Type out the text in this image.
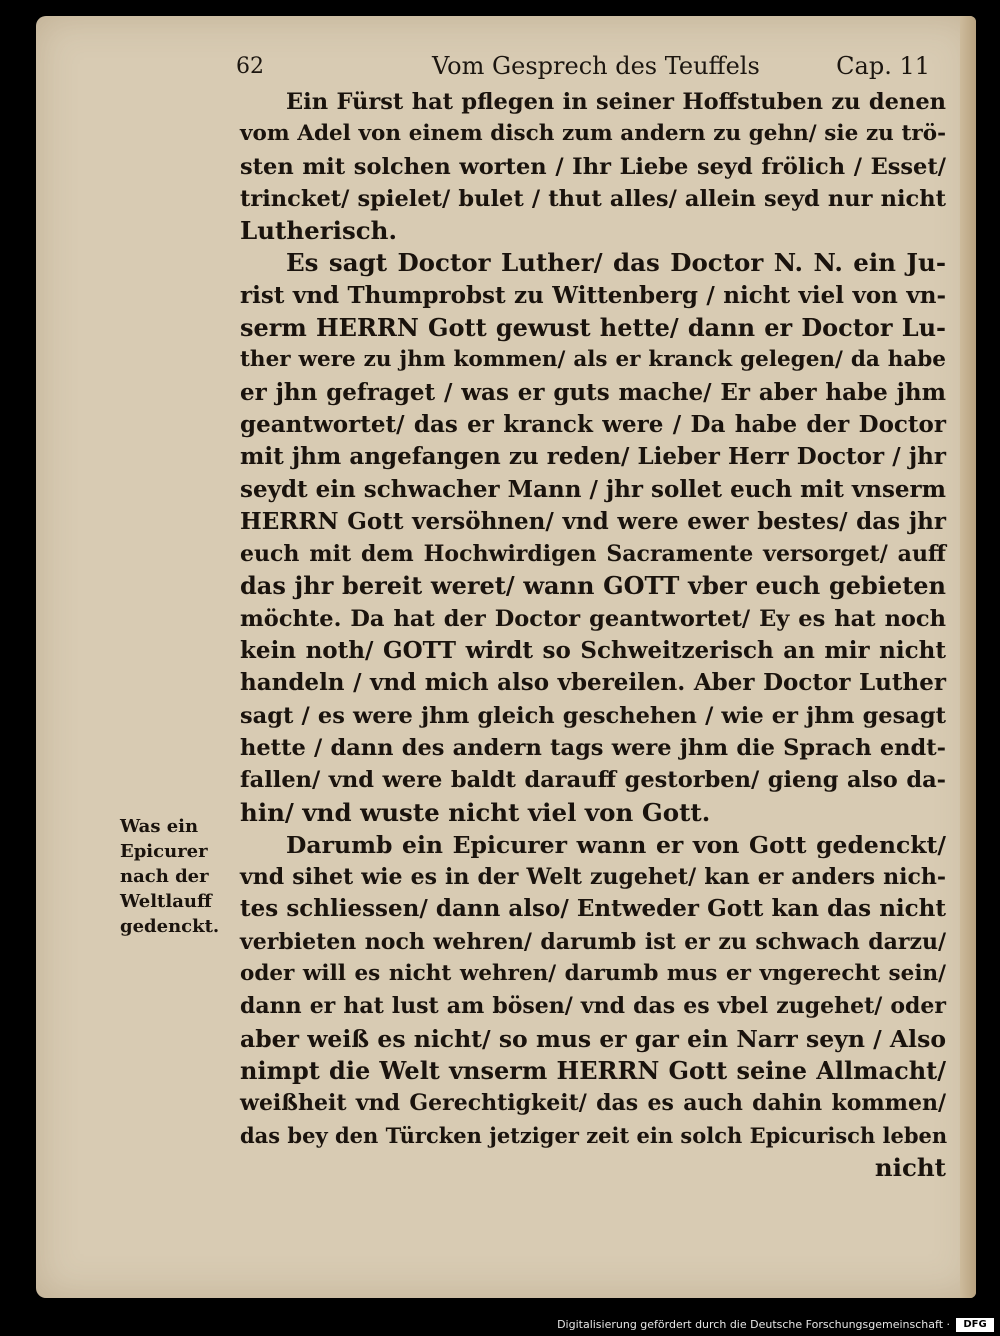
62	Vom Gesprech des Teuffels	Cap. 11
Ein Fürst hat pflegen in seiner Hoffstuben zu denen
vom Adel von einem disch zum andern zu gehn/ sie zu trö-
sten mit solchen worten / Ihr Liebe seyd frölich / Esset/
trincket/ spielet/ bulet / thut alles/ allein seyd nur nicht
Lutherisch.
Es sagt Doctor Luther/ das Doctor N. N. ein Ju-
rist vnd Thumprobst zu Wittenberg / nicht viel von vn-
serm HERRN Gott gewust hette/ dann er Doctor Lu-
ther were zu jhm kommen/ als er kranck gelegen/ da habe
er jhn gefraget / was er guts mache/ Er aber habe jhm
geantwortet/ das er kranck were / Da habe der Doctor
mit jhm angefangen zu reden/ Lieber Herr Doctor / jhr
seydt ein schwacher Mann / jhr sollet euch mit vnserm
HERRN Gott versöhnen/ vnd were ewer bestes/ das jhr
euch mit dem Hochwirdigen Sacramente versorget/ auff
das jhr bereit weret/ wann GOTT vber euch gebieten
möchte. Da hat der Doctor geantwortet/ Ey es hat noch
kein noth/ GOTT wirdt so Schweitzerisch an mir nicht
handeln / vnd mich also vbereilen. Aber Doctor Luther
sagt / es were jhm gleich geschehen / wie er jhm gesagt
hette / dann des andern tags were jhm die Sprach endt-
fallen/ vnd were baldt darauff gestorben/ gieng also da-
hin/ vnd wuste nicht viel von Gott.
Darumb ein Epicurer wann er von Gott gedenckt/
vnd sihet wie es in der Welt zugehet/ kan er anders nich-
tes schliessen/ dann also/ Entweder Gott kan das nicht
verbieten noch wehren/ darumb ist er zu schwach darzu/
oder will es nicht wehren/ darumb mus er vngerecht sein/
dann er hat lust am bösen/ vnd das es vbel zugehet/ oder
aber weiß es nicht/ so mus er gar ein Narr seyn / Also
nimpt die Welt vnserm HERRN Gott seine Allmacht/
weißheit vnd Gerechtigkeit/ das es auch dahin kommen/
das bey den Türcken jetziger zeit ein solch Epicurisch leben
nicht
Was ein
Epicurer
nach der
Weltlauff
gedenckt.
Digitalisierung gefördert durch die Deutsche Forschungsgemeinschaft ·	DFG
